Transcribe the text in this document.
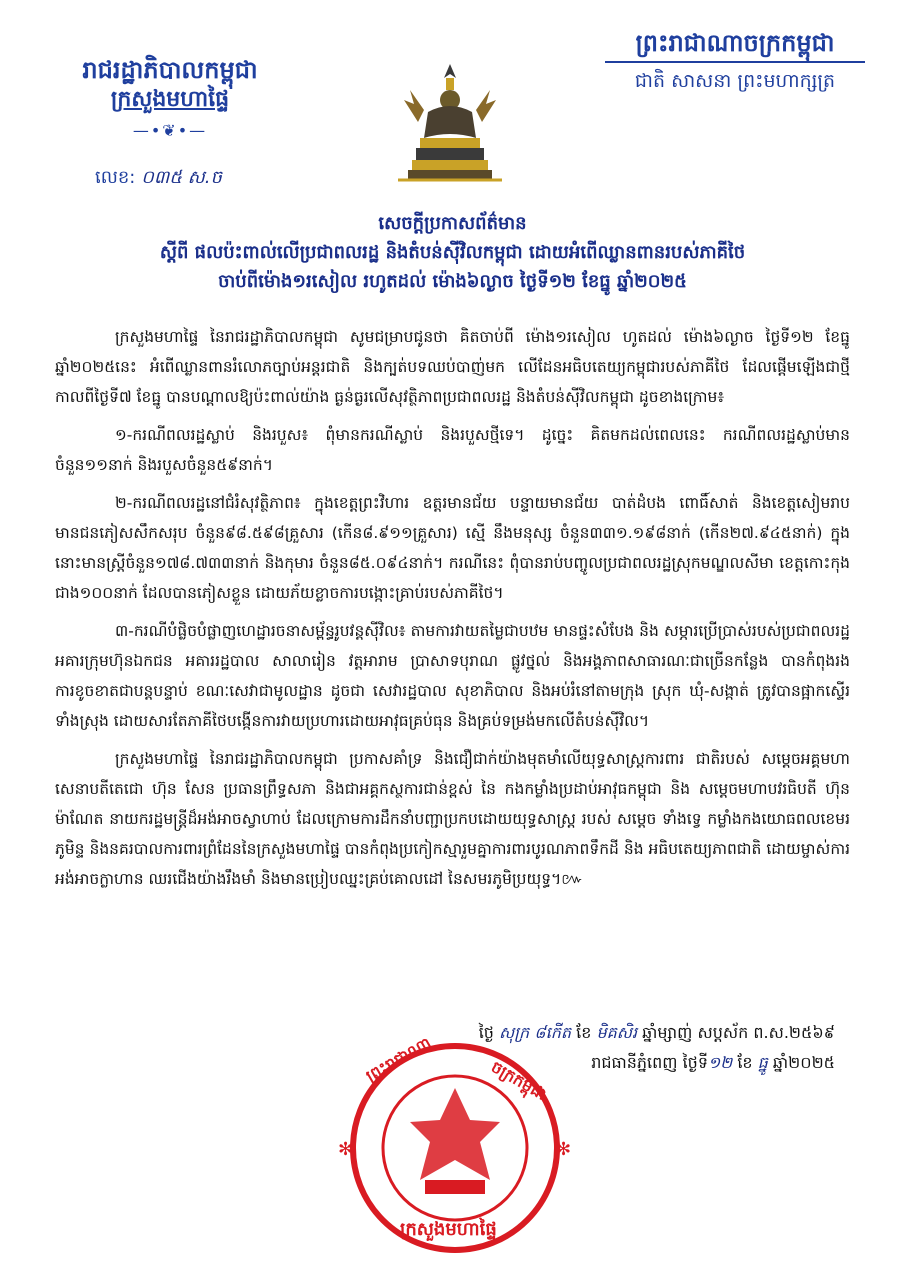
រាជរដ្ឋាភិបាលកម្ពុជា
ក្រសួងមហាផ្ទៃ
—•❦•—
លេខ: ០៣៥ ស.ច
ព្រះរាជាណាចក្រកម្ពុជា
ជាតិ សាសនា ព្រះមហាក្សត្រ
សេចក្តីប្រកាសព័ត៌មាន
ស្តីពី ផលប៉ះពាល់លើប្រជាពលរដ្ឋ និងតំបន់ស៊ីវិលកម្ពុជា ដោយអំពើឈ្លានពានរបស់ភាគីថៃ
ចាប់ពីម៉ោង១រសៀល រហូតដល់ ម៉ោង៦ល្ងាច ថ្ងៃទី១២ ខែធ្នូ ឆ្នាំ២០២៥

ក្រសួងមហាផ្ទៃ នៃរាជរដ្ឋាភិបាលកម្ពុជា សូមជម្រាបជូនថា គិតចាប់ពី ម៉ោង១រសៀល ហូតដល់ ម៉ោង៦ល្ងាច ថ្ងៃទី១២ ខែធ្នូ ឆ្នាំ២០២៥នេះ អំពើឈ្លានពានរំលោភច្បាប់អន្តរជាតិ និងក្បត់បទឈប់បាញ់មក លើដែនអធិបតេយ្យកម្ពុជារបស់ភាគីថៃ ដែលផ្តើមឡើងជាថ្មីកាលពីថ្ងៃទី៧ ខែធ្នូ បានបណ្តាលឱ្យប៉ះពាល់យ៉ាង ធ្ងន់ធ្ងរលើសុវត្ថិភាពប្រជាពលរដ្ឋ និងតំបន់ស៊ីវិលកម្ពុជា ដូចខាងក្រោម៖

១-ករណីពលរដ្ឋស្លាប់ និងរបួស៖ ពុំមានករណីស្លាប់ និងរបួសថ្មីទេ។ ដូច្នេះ គិតមកដល់ពេលនេះ ករណីពលរដ្ឋស្លាប់មានចំនួន១១នាក់ និងរបួសចំនួន៥៩នាក់។

២-ករណីពលរដ្ឋនៅជំរំសុវត្ថិភាព៖ ក្នុងខេត្តព្រះវិហារ ឧត្តរមានជ័យ បន្ទាយមានជ័យ បាត់ដំបង ពោធិ៍សាត់ និងខេត្តសៀមរាប មានជនភៀសសឹកសរុប ចំនួន៩៨.៥៩៨គ្រួសារ (កើន៨.៩១១គ្រួសារ) ស្មើ នឹងមនុស្ស ចំនួន៣៣១.១៩៨នាក់ (កើន២៧.៩៤៥នាក់) ក្នុងនោះមានស្ត្រីចំនួន១៧៨.៧៣៣នាក់ និងកុមារ ចំនួន៨៥.០៩៤នាក់។ ករណីនេះ ពុំបានរាប់បញ្ចូលប្រជាពលរដ្ឋស្រុកមណ្ឌលសីមា ខេត្តកោះកុង ជាង១០០នាក់ ដែលបានភៀសខ្លួន ដោយភ័យខ្លាចការបង្កោះគ្រាប់របស់ភាគីថៃ។

៣-ករណីបំផ្លិចបំផ្លាញហេដ្ឋារចនាសម្ព័ន្ធរូបវន្តស៊ីវិល៖ តាមការវាយតម្លៃជាបឋម មានផ្ទះសំបែង និង សម្ភារប្រើប្រាស់របស់ប្រជាពលរដ្ឋ អគារក្រុមហ៊ុនឯកជន អគាររដ្ឋបាល សាលារៀន វត្តអារាម ប្រាសាទបុរាណ ផ្លូវថ្នល់ និងអង្គភាពសាធារណៈជាច្រើនកន្លែង បានកំពុងរងការខូចខាតជាបន្តបន្ទាប់ ខណៈសេវាជាមូលដ្ឋាន ដូចជា សេវារដ្ឋបាល សុខាភិបាល និងអប់រំនៅតាមក្រុង ស្រុក ឃុំ-សង្កាត់ ត្រូវបានផ្អាកស្ទើរទាំងស្រុង ដោយសារតែភាគីថៃបង្កើនការវាយប្រហារដោយអាវុធគ្រប់ធុន និងគ្រប់ទម្រង់មកលើតំបន់ស៊ីវិល។

ក្រសួងមហាផ្ទៃ នៃរាជរដ្ឋាភិបាលកម្ពុជា ប្រកាសគាំទ្រ និងជឿជាក់យ៉ាងមុតមាំលើយុទ្ធសាស្ត្រការពារ ជាតិរបស់ សម្តេចអគ្គមហាសេនាបតីតេជោ ហ៊ុន សែន ប្រធានព្រឹទ្ធសភា និងជាអគ្គកស្ថការជាន់ខ្ពស់ នៃ កងកម្លាំងប្រដាប់អាវុធកម្ពុជា និង សម្តេចមហាបវរធិបតី ហ៊ុន ម៉ាណែត នាយករដ្ឋមន្ត្រីដ៏អង់អាចស្វាហាប់ ដែលក្រោមការដឹកនាំបញ្ជាប្រកបដោយយុទ្ធសាស្ត្រ របស់ សម្តេច ទាំងទ្វេ កម្លាំងកងយោធពលខេមរភូមិន្ទ និងនគរបាលការពារព្រំដែននៃក្រសួងមហាផ្ទៃ បានកំពុងប្រកៀកស្មារួមគ្នាការពារបូរណភាពទឹកដី និង អធិបតេយ្យភាពជាតិ ដោយម្ចាស់ការ អង់អាចក្លាហាន ឈរជើងយ៉ាងរឹងមាំ និងមានប្រៀបឈ្នះគ្រប់គោលដៅ នៃសមរភូមិប្រយុទ្ធ។៚

ថ្ងៃ សុក្រ ៨កើត ខែ មិគសិរ ឆ្នាំម្សាញ់ សប្តស័ក ព.ស.២៥៦៩
រាជធានីភ្នំពេញ ថ្ងៃទី១២ ខែ ធ្នូ ឆ្នាំ២០២៥
ព្រះរាជាណា	ចក្រកម្ពុជា
ក្រសួងមហាផ្ទៃ
✻	✻
